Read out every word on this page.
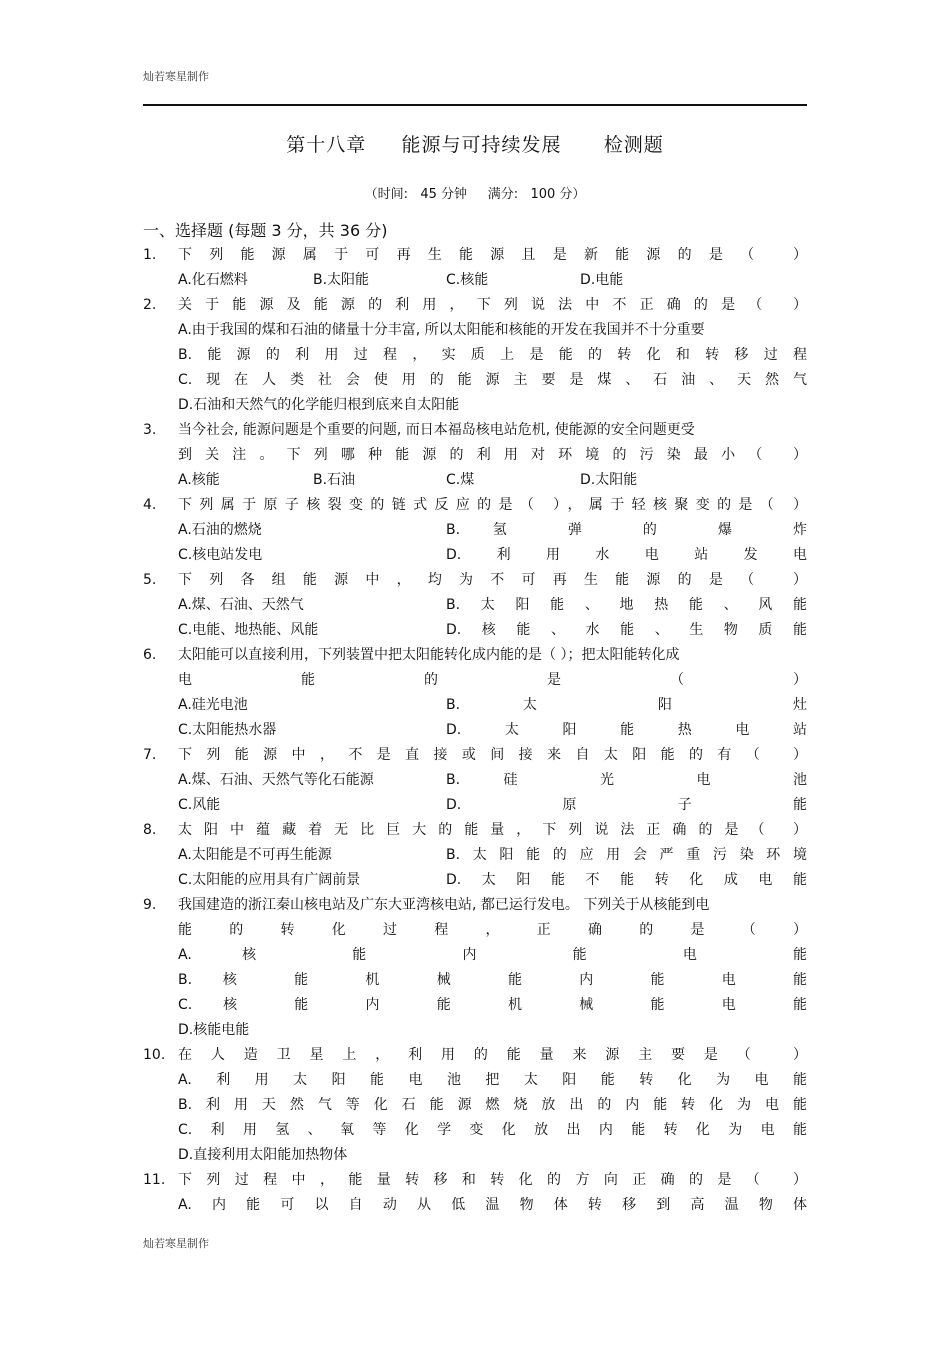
灿若寒星制作
第十八章     能源与可持续发展      检测题
（时间:   45 分钟     满分:   100 分）
一、选择题 (每题 3 分，共 36 分)
1. 下列能源属于可再生能源且是新能源的是（ ）
A.化石燃料	B.太阳能	C.核能	D.电能
2. 关于能源及能源的利用，下列说法中不正确的是（ ）
A.由于我国的煤和石油的储量十分丰富, 所以太阳能和核能的开发在我国并不十分重要
B.能源的利用过程，实质上是能的转化和转移过程
C.现在人类社会使用的能源主要是煤、石油、天然气
D.石油和天然气的化学能归根到底来自太阳能
3. 当今社会, 能源问题是个重要的问题, 而日本福岛核电站危机, 使能源的安全问题更受
到关注。下列哪种能源的利用对环境的污染最小（ ）
A.核能	B.石油	C.煤	D.太阳能
4. 下列属于原子核裂变的链式反应的是（ ），属于轻核聚变的是（ ）
A.石油的燃烧	B. 氢 弹 的 爆 炸
C.核电站发电	D.利用水电站发电
5. 下列各组能源中，均为不可再生能源的是（ ）
A.煤、石油、天然气	B.太阳能、地热能、风能
C.电能、地热能、风能	D.核能、水能、生物质能
6. 太阳能可以直接利用，下列装置中把太阳能转化成内能的是（ ）；把太阳能转化成
电 能 的 是 （ ）
A.硅光电池	B. 太 阳 灶
C.太阳能热水器	D.太阳能热电站
7. 下列能源中，不是直接或间接来自太阳能的有（ ）
A.煤、石油、天然气等化石能源	B. 硅 光 电 池
C.风能	D.原子能
8. 太阳中蕴藏着无比巨大的能量，下列说法正确的是（ ）
A.太阳能是不可再生能源	B.太阳能的应用会严重污染环境
C.太阳能的应用具有广阔前景	D.太阳能不能转化成电能
9. 我国建造的浙江秦山核电站及广东大亚湾核电站, 都已运行发电。 下列关于从核能到电
能 的 转 化 过 程 ， 正 确 的 是 （ ）
A. 核 能 内 能 电 能
B. 核 能 机 械 能 内 能 电 能
C. 核 能 内 能 机 械 能 电 能
D.核能电能
10. 在人造卫星上，利用的能量来源主要是（ ）
A.利用太阳能电池把太阳能转化为电能
B.利用天然气等化石能源燃烧放出的内能转化为电能
C.利用氢、氧等化学变化放出内能转化为电能
D.直接利用太阳能加热物体
11. 下列过程中，能量转移和转化的方向正确的是（ ）
A.内能可以自动从低温物体转移到高温物体
灿若寒星制作
